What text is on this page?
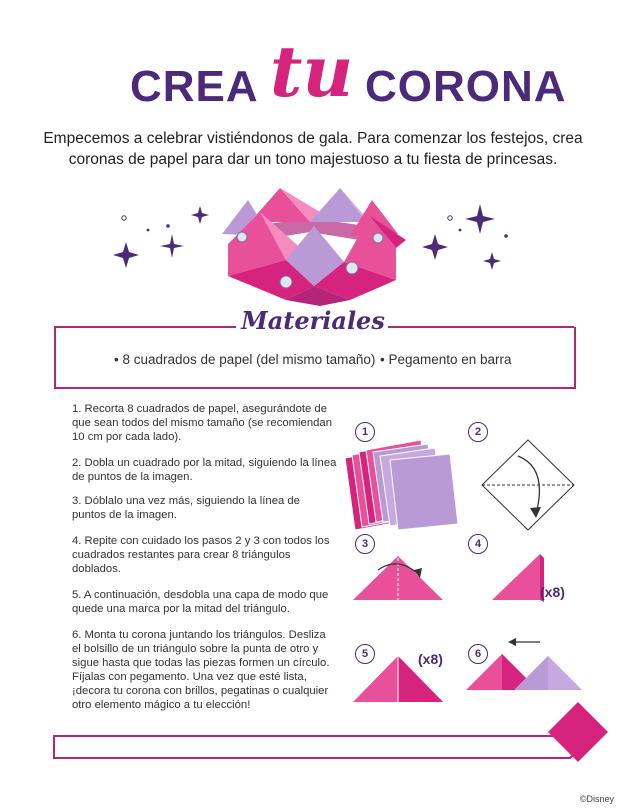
CREA tu CORONA
Empecemos a celebrar vistiéndonos de gala. Para comenzar los festejos, crea coronas de papel para dar un tono majestuoso a tu fiesta de princesas.
Materiales
• 8 cuadrados de papel (del mismo tamaño) • Pegamento en barra
1. Recorta 8 cuadrados de papel, asegurándote de que sean todos del mismo tamaño (se recomiendan 10 cm por cada lado).
2. Dobla un cuadrado por la mitad, siguiendo la línea de puntos de la imagen.
3. Dóblalo una vez más, siguiendo la línea de puntos de la imagen.
4. Repite con cuidado los pasos 2 y 3 con todos los cuadrados restantes para crear 8 triángulos doblados.
5. A continuación, desdobla una capa de modo que quede una marca por la mitad del triángulo.
6. Monta tu corona juntando los triángulos. Desliza el bolsillo de un triángulo sobre la punta de otro y sigue hasta que todas las piezas formen un círculo. Fíjalas con pegamento. Una vez que esté lista, ¡decora tu corona con brillos, pegatinas o cualquier otro elemento mágico a tu elección!
1	2
3	4
5	6
(x8)
(x8)
©Disney
